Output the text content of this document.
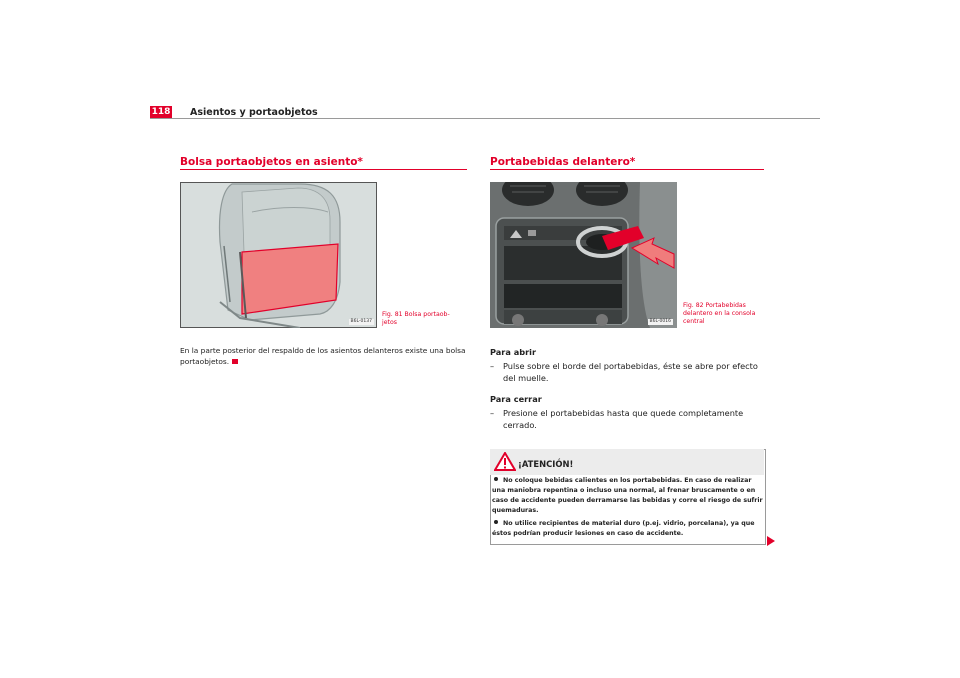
118 Asientos y portaobjetos
Bolsa portaobjetos en asiento*
B6L-0137
Fig. 81 Bolsa portaob-
jetos
En la parte posterior del respaldo de los asientos delanteros existe una bolsa
portaobjetos.
Portabebidas delantero*
B6L-0016
Fig. 82 Portabebidas
delantero en la consola
central
Para abrir
– Pulse sobre el borde del portabebidas, éste se abre por efecto
del muelle.
Para cerrar
– Presione el portabebidas hasta que quede completamente
cerrado.
¡ATENCIÓN!
No coloque bebidas calientes en los portabebidas. En caso de realizar
una maniobra repentina o incluso una normal, al frenar bruscamente o en
caso de accidente pueden derramarse las bebidas y corre el riesgo de sufrir
quemaduras.
No utilice recipientes de material duro (p.ej. vidrio, porcelana), ya que
éstos podrían producir lesiones en caso de accidente.
